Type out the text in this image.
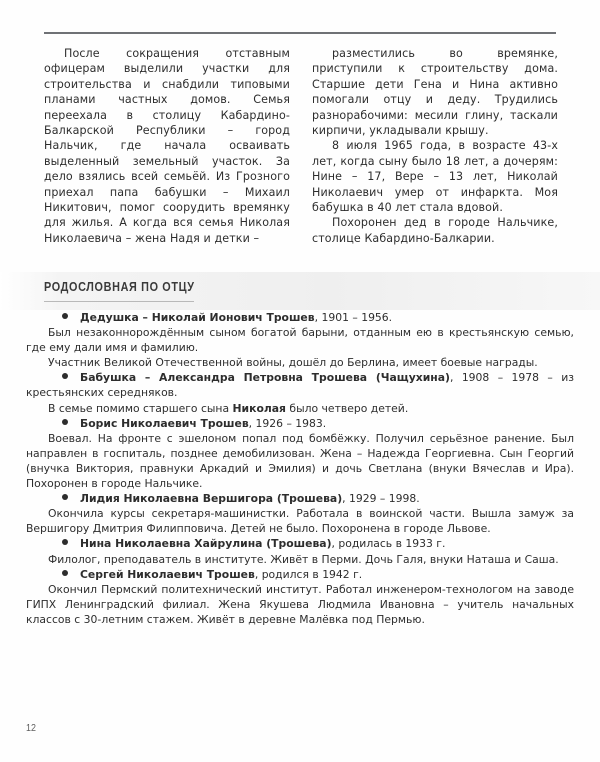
После сокращения отставным офицерам выделили участки для строительства и снабдили типовыми планами частных домов. Семья переехала в столицу Кабардино-Балкарской Республики – город Нальчик, где начала осваивать выделенный земельный участок. За дело взялись всей семьёй. Из Грозного приехал папа бабушки – Михаил Никитович, помог соорудить времянку для жилья. А когда вся семья Николая Николаевича – жена Надя и детки –

разместились во времянке, приступили к строительству дома. Старшие дети Гена и Нина активно помогали отцу и деду. Трудились разнорабочими: месили глину, таскали кирпичи, укладывали крышу.

8 июля 1965 года, в возрасте 43-х лет, когда сыну было 18 лет, а дочерям: Нине – 17, Вере – 13 лет, Николай Николаевич умер от инфаркта. Моя бабушка в 40 лет стала вдовой.

Похоронен дед в городе Нальчике, столице Кабардино-Балкарии.

РОДОСЛОВНАЯ ПО ОТЦУ

Дедушка – Николай Ионович Трошев, 1901 – 1956.

Был незаконнорождённым сыном богатой барыни, отданным ею в крестьянскую семью, где ему дали имя и фамилию.

Участник Великой Отечественной войны, дошёл до Берлина, имеет боевые награды.

Бабушка – Александра Петровна Трошева (Чащухина), 1908 – 1978 – из крестьянских середняков.

В семье помимо старшего сына Николая было четверо детей.

Борис Николаевич Трошев, 1926 – 1983.

Воевал. На фронте с эшелоном попал под бомбёжку. Получил серьёзное ранение. Был направлен в госпиталь, позднее демобилизован. Жена – Надежда Георгиевна. Сын Георгий (внучка Виктория, правнуки Аркадий и Эмилия) и дочь Светлана (внуки Вячеслав и Ира). Похоронен в городе Нальчике.

Лидия Николаевна Вершигора (Трошева), 1929 – 1998.

Окончила курсы секретаря-машинистки. Работала в воинской части. Вышла замуж за Вершигору Дмитрия Филипповича. Детей не было. Похоронена в городе Львове.

Нина Николаевна Хайрулина (Трошева), родилась в 1933 г.

Филолог, преподаватель в институте. Живёт в Перми. Дочь Галя, внуки Наташа и Саша.

Сергей Николаевич Трошев, родился в 1942 г.

Окончил Пермский политехнический институт. Работал инженером-технологом на заводе ГИПХ Ленинградский филиал. Жена Якушева Людмила Ивановна – учитель начальных классов с 30-летним стажем. Живёт в деревне Малёвка под Пермью.

12
